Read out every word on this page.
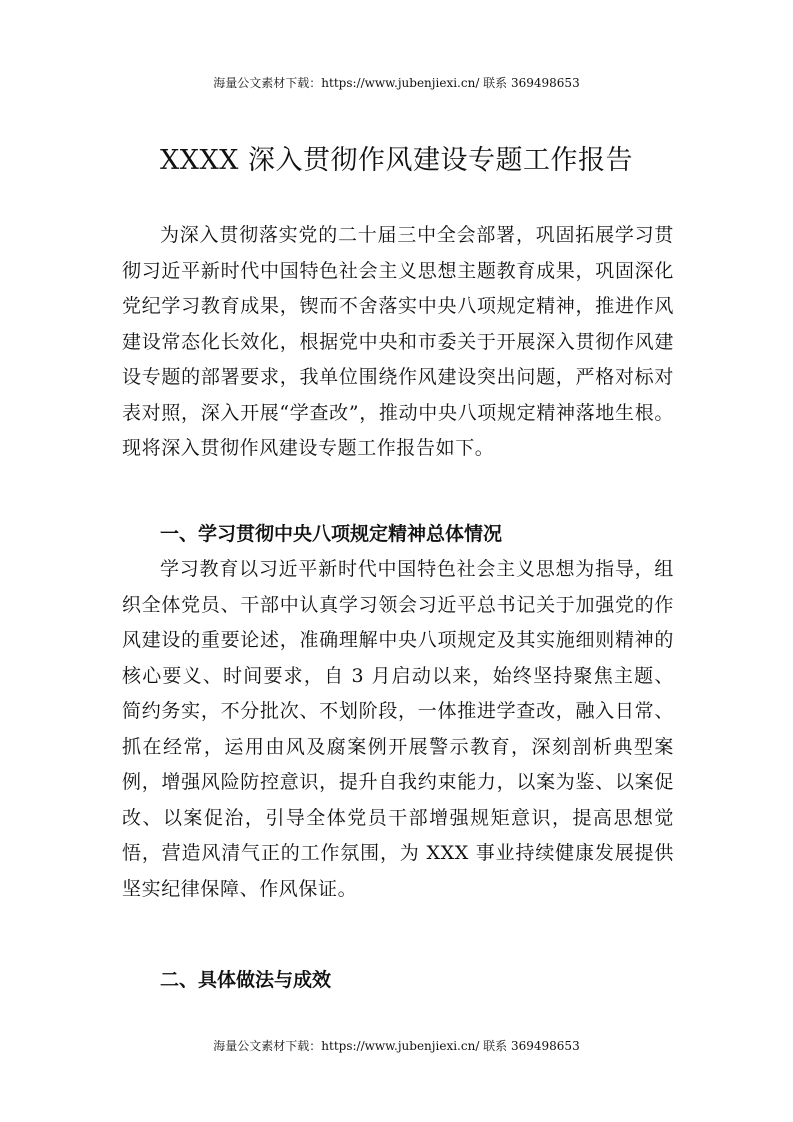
海量公文素材下载：https://www.jubenjiexi.cn/ 联系 369498653
XXXX 深入贯彻作风建设专题工作报告

为深入贯彻落实党的二十届三中全会部署，巩固拓展学习贯彻习近平新时代中国特色社会主义思想主题教育成果，巩固深化党纪学习教育成果，锲而不舍落实中央八项规定精神，推进作风建设常态化长效化，根据党中央和市委关于开展深入贯彻作风建设专题的部署要求，我单位围绕作风建设突出问题，严格对标对表对照，深入开展“学查改”，推动中央八项规定精神落地生根。现将深入贯彻作风建设专题工作报告如下。

一、学习贯彻中央八项规定精神总体情况

学习教育以习近平新时代中国特色社会主义思想为指导，组织全体党员、干部中认真学习领会习近平总书记关于加强党的作风建设的重要论述，准确理解中央八项规定及其实施细则精神的核心要义、时间要求，自 3 月启动以来，始终坚持聚焦主题、简约务实，不分批次、不划阶段，一体推进学查改，融入日常、抓在经常，运用由风及腐案例开展警示教育，深刻剖析典型案例，增强风险防控意识，提升自我约束能力，以案为鉴、以案促改、以案促治，引导全体党员干部增强规矩意识，提高思想觉悟，营造风清气正的工作氛围，为 XXX 事业持续健康发展提供坚实纪律保障、作风保证。

二、具体做法与成效

海量公文素材下载：https://www.jubenjiexi.cn/ 联系 369498653
